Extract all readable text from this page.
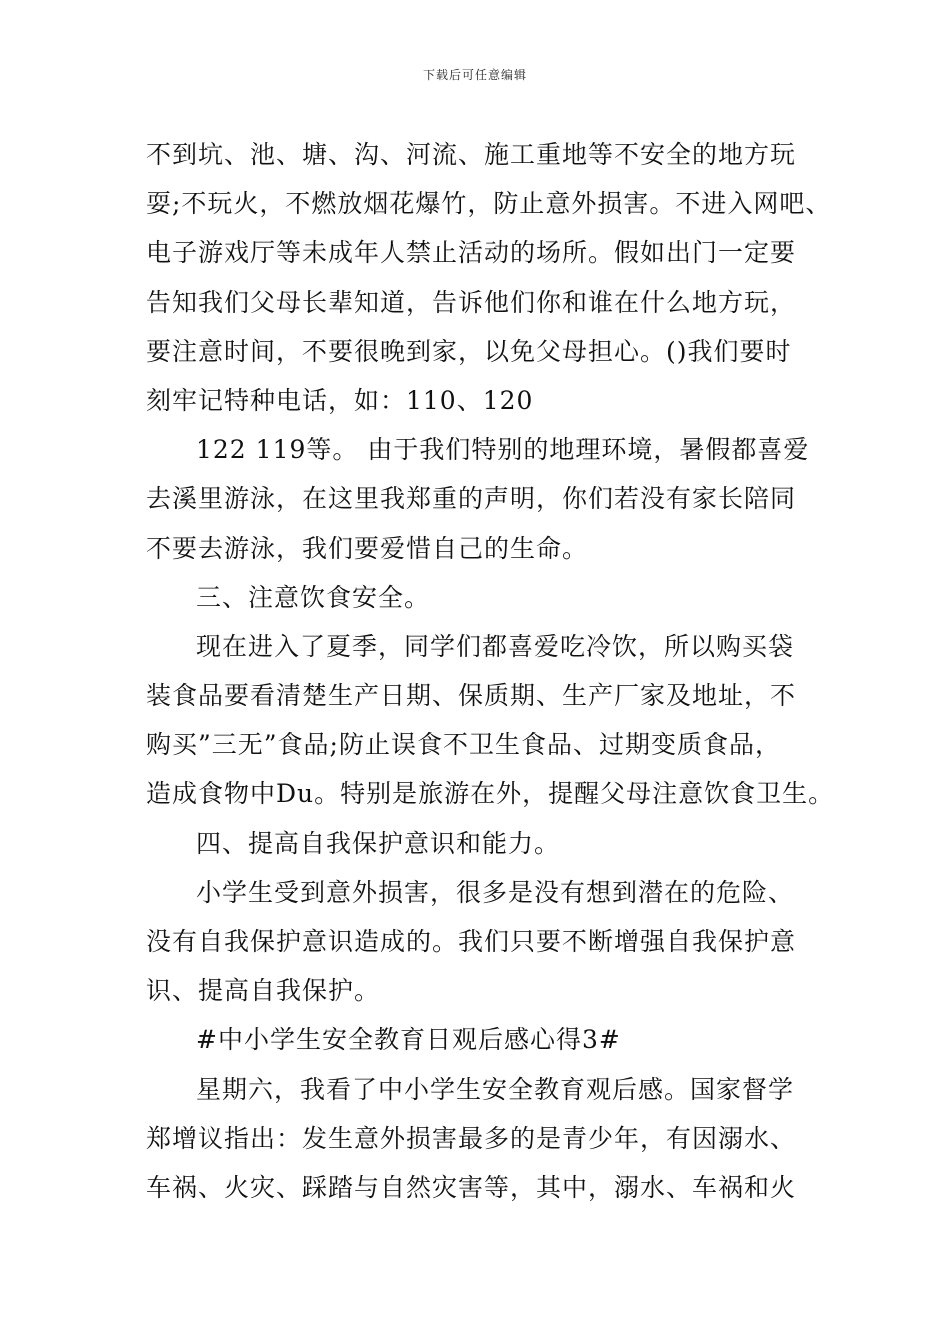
下载后可任意编辑
不到坑、池、塘、沟、河流、施工重地等不安全的地方玩
耍;不玩火，不燃放烟花爆竹，防止意外损害。不进入网吧、
电子游戏厅等未成年人禁止活动的场所。假如出门一定要
告知我们父母长辈知道，告诉他们你和谁在什么地方玩，
要注意时间，不要很晚到家，以免父母担心。()我们要时
刻牢记特种电话，如：110、120
122 119等。 由于我们特别的地理环境，暑假都喜爱
去溪里游泳，在这里我郑重的声明，你们若没有家长陪同
不要去游泳，我们要爱惜自己的生命。
三、注意饮食安全。
现在进入了夏季，同学们都喜爱吃冷饮，所以购买袋
装食品要看清楚生产日期、保质期、生产厂家及地址，不
购买”三无”食品;防止误食不卫生食品、过期变质食品，
造成食物中Du。特别是旅游在外，提醒父母注意饮食卫生。
四、提高自我保护意识和能力。
小学生受到意外损害，很多是没有想到潜在的危险、
没有自我保护意识造成的。我们只要不断增强自我保护意
识、提高自我保护。
#中小学生安全教育日观后感心得3#
星期六，我看了中小学生安全教育观后感。国家督学
郑增议指出：发生意外损害最多的是青少年，有因溺水、
车祸、火灾、踩踏与自然灾害等，其中，溺水、车祸和火
